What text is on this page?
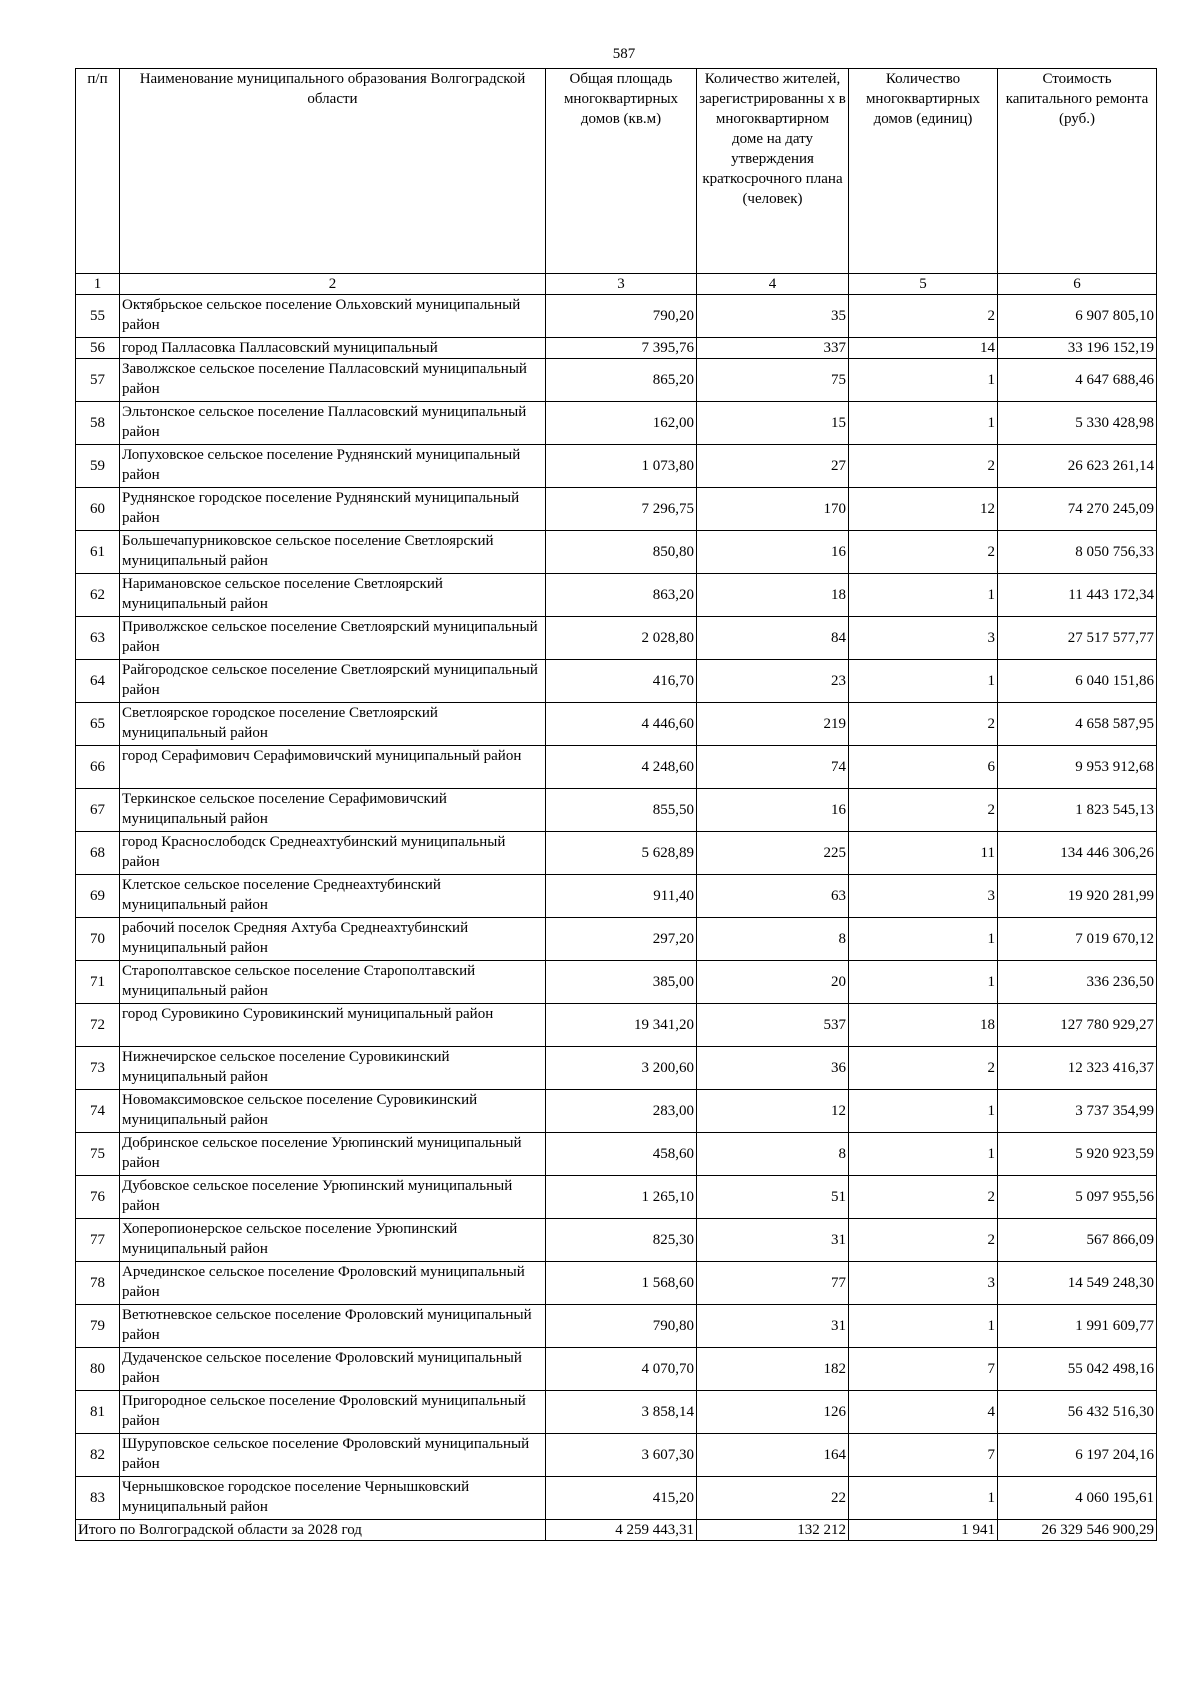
587
п/п	Наименование муниципального образования Волгоградской области	Общая площадь многоквартирных домов (кв.м)	Количество жителей, зарегистрированны х в многоквартирном доме на дату утверждения краткосрочного плана (человек)	Количество многоквартирных домов (единиц)	Стоимость капитального ремонта (руб.)
1	2	3	4	5	6
55	Октябрьское сельское поселение Ольховский муниципальный район	790,20	35	2	6 907 805,10
56	город Палласовка Палласовский муниципальный	7 395,76	337	14	33 196 152,19
57	Заволжское сельское поселение Палласовский муниципальный район	865,20	75	1	4 647 688,46
58	Эльтонское сельское поселение Палласовский муниципальный район	162,00	15	1	5 330 428,98
59	Лопуховское сельское поселение Руднянский муниципальный район	1 073,80	27	2	26 623 261,14
60	Руднянское городское поселение Руднянский муниципальный район	7 296,75	170	12	74 270 245,09
61	Большечапурниковское сельское поселение Светлоярский муниципальный район	850,80	16	2	8 050 756,33
62	Наримановское сельское поселение Светлоярский муниципальный район	863,20	18	1	11 443 172,34
63	Приволжское сельское поселение Светлоярский муниципальный район	2 028,80	84	3	27 517 577,77
64	Райгородское сельское поселение Светлоярский муниципальный район	416,70	23	1	6 040 151,86
65	Светлоярское городское поселение Светлоярский муниципальный район	4 446,60	219	2	4 658 587,95
66	город Серафимович Серафимовичский муниципальный район	4 248,60	74	6	9 953 912,68
67	Теркинское сельское поселение Серафимовичский муниципальный район	855,50	16	2	1 823 545,13
68	город Краснослободск Среднеахтубинский муниципальный район	5 628,89	225	11	134 446 306,26
69	Клетское сельское поселение Среднеахтубинский муниципальный район	911,40	63	3	19 920 281,99
70	рабочий поселок Средняя Ахтуба Среднеахтубинский муниципальный район	297,20	8	1	7 019 670,12
71	Старополтавское сельское поселение Старополтавский муниципальный район	385,00	20	1	336 236,50
72	город Суровикино Суровикинский муниципальный район	19 341,20	537	18	127 780 929,27
73	Нижнечирское сельское поселение Суровикинский муниципальный район	3 200,60	36	2	12 323 416,37
74	Новомаксимовское сельское поселение Суровикинский муниципальный район	283,00	12	1	3 737 354,99
75	Добринское сельское поселение Урюпинский муниципальный район	458,60	8	1	5 920 923,59
76	Дубовское сельское поселение Урюпинский муниципальный район	1 265,10	51	2	5 097 955,56
77	Хоперопионерское сельское поселение Урюпинский муниципальный район	825,30	31	2	567 866,09
78	Арчединское сельское поселение Фроловский муниципальный район	1 568,60	77	3	14 549 248,30
79	Ветютневское сельское поселение Фроловский муниципальный район	790,80	31	1	1 991 609,77
80	Дудаченское сельское поселение Фроловский муниципальный район	4 070,70	182	7	55 042 498,16
81	Пригородное сельское поселение Фроловский муниципальный район	3 858,14	126	4	56 432 516,30
82	Шуруповское сельское поселение Фроловский муниципальный район	3 607,30	164	7	6 197 204,16
83	Чернышковское городское поселение Чернышковский муниципальный район	415,20	22	1	4 060 195,61
Итого по Волгоградской области за 2028 год		4 259 443,31	132 212	1 941	26 329 546 900,29
